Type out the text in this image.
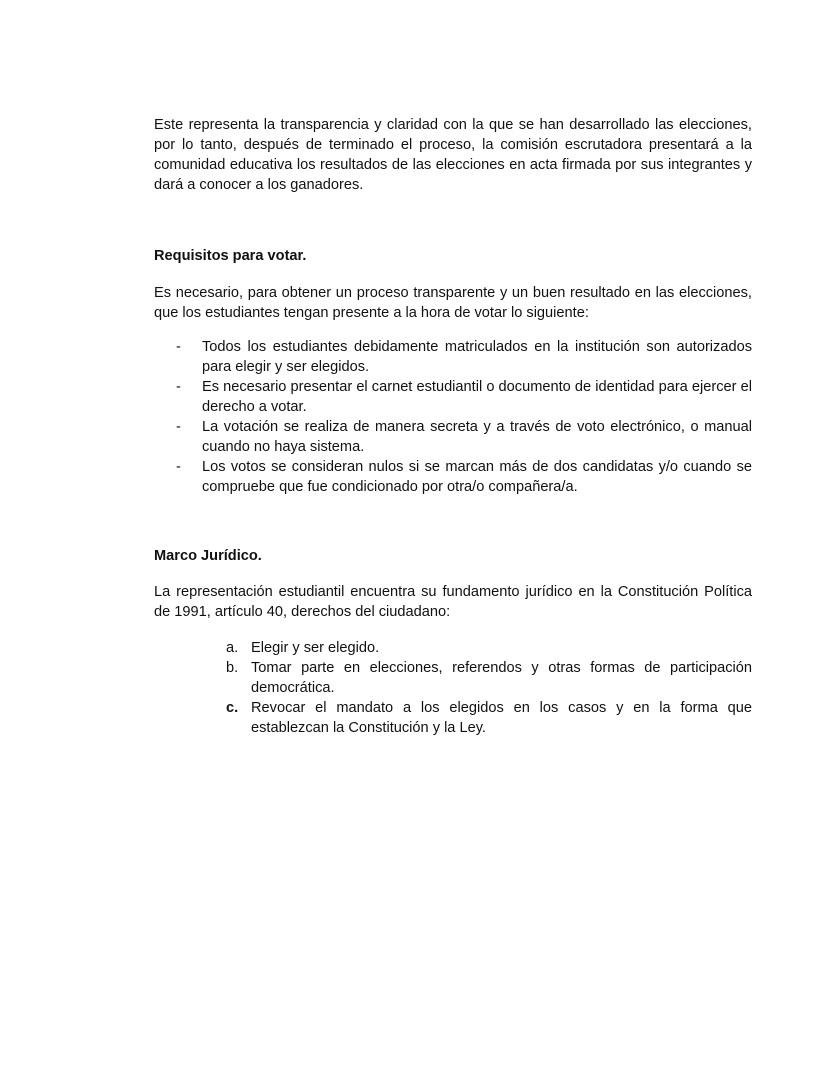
Este representa la transparencia y claridad con la que se han desarrollado las elecciones, por lo tanto, después de terminado el proceso, la comisión escrutadora presentará a la comunidad educativa los resultados de las elecciones en acta firmada por sus integrantes y dará a conocer a los ganadores.

Requisitos para votar.

Es necesario, para obtener un proceso transparente y un buen resultado en las elecciones, que los estudiantes tengan presente a la hora de votar lo siguiente:

- Todos los estudiantes debidamente matriculados en la institución son autorizados para elegir y ser elegidos.
- Es necesario presentar el carnet estudiantil o documento de identidad para ejercer el derecho a votar.
- La votación se realiza de manera secreta y a través de voto electrónico, o manual cuando no haya sistema.
- Los votos se consideran nulos si se marcan más de dos candidatas y/o cuando se compruebe que fue condicionado por otra/o compañera/a.

Marco Jurídico.

La representación estudiantil encuentra su fundamento jurídico en la Constitución Política de 1991, artículo 40, derechos del ciudadano:

a. Elegir y ser elegido.
b. Tomar parte en elecciones, referendos y otras formas de participación democrática.
c. Revocar el mandato a los elegidos en los casos y en la forma que establezcan la Constitución y la Ley.
